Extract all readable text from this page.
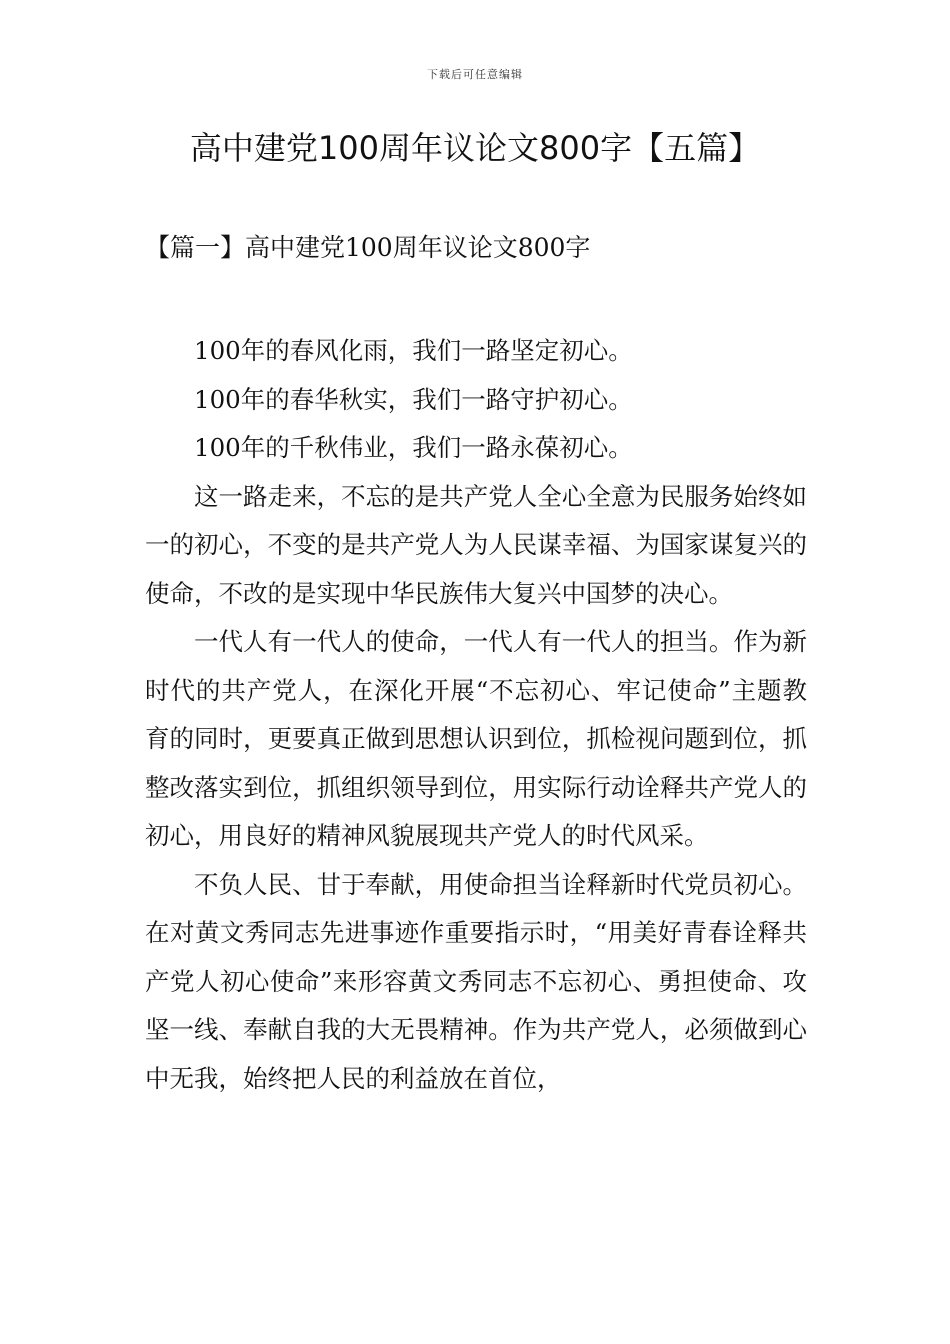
下载后可任意编辑
高中建党100周年议论文800字【五篇】
【篇一】高中建党100周年议论文800字

100年的春风化雨，我们一路坚定初心。

100年的春华秋实，我们一路守护初心。

100年的千秋伟业，我们一路永葆初心。

这一路走来，不忘的是共产党人全心全意为民服务始终如一的初心，不变的是共产党人为人民谋幸福、为国家谋复兴的使命，不改的是实现中华民族伟大复兴中国梦的决心。

一代人有一代人的使命，一代人有一代人的担当。作为新时代的共产党人，在深化开展“不忘初心、牢记使命”主题教育的同时，更要真正做到思想认识到位，抓检视问题到位，抓整改落实到位，抓组织领导到位，用实际行动诠释共产党人的初心，用良好的精神风貌展现共产党人的时代风采。

不负人民、甘于奉献，用使命担当诠释新时代党员初心。在对黄文秀同志先进事迹作重要指示时，“用美好青春诠释共产党人初心使命”来形容黄文秀同志不忘初心、勇担使命、攻坚一线、奉献自我的大无畏精神。作为共产党人，必须做到心中无我，始终把人民的利益放在首位，
